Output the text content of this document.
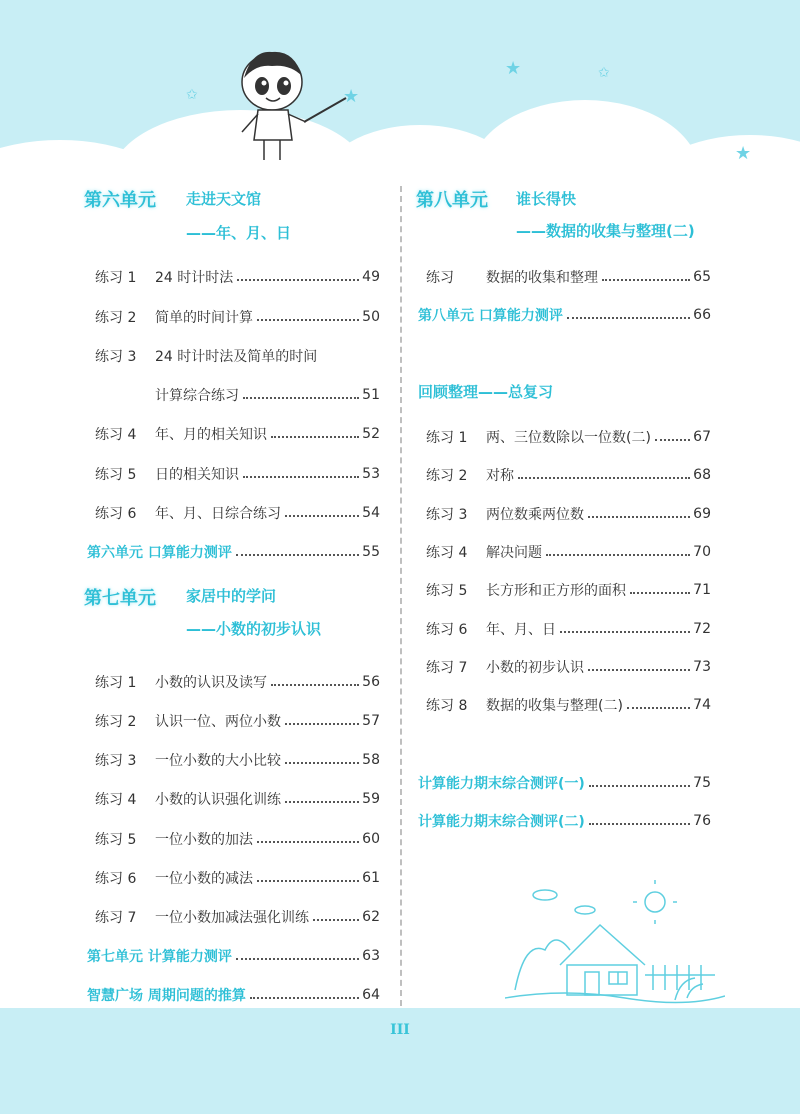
★	✩
★
★
✩
第六单元 走进天文馆
——年、月、日
练习 1	24 时计时法	49
练习 2	简单的时间计算	50
练习 3	24 时计时法及简单的时间
计算综合练习	51
练习 4	年、月的相关知识	52
练习 5	日的相关知识	53
练习 6	年、月、日综合练习	54
第六单元 口算能力测评	55
第七单元 家居中的学问
——小数的初步认识
练习 1	小数的认识及读写	56
练习 2	认识一位、两位小数	57
练习 3	一位小数的大小比较	58
练习 4	小数的认识强化训练	59
练习 5	一位小数的加法	60
练习 6	一位小数的减法	61
练习 7	一位小数加减法强化训练	62
第七单元 计算能力测评	63
智慧广场 周期问题的推算	64
第八单元 谁长得快
——数据的收集与整理(二)
练习	数据的收集和整理	65
第八单元 口算能力测评	66
回顾整理——总复习
练习 1	两、三位数除以一位数(二)	67
练习 2	对称	68
练习 3	两位数乘两位数	69
练习 4	解决问题	70
练习 5	长方形和正方形的面积	71
练习 6	年、月、日	72
练习 7	小数的初步认识	73
练习 8	数据的收集与整理(二)	74
计算能力期末综合测评(一)	75
计算能力期末综合测评(二)	76
III
